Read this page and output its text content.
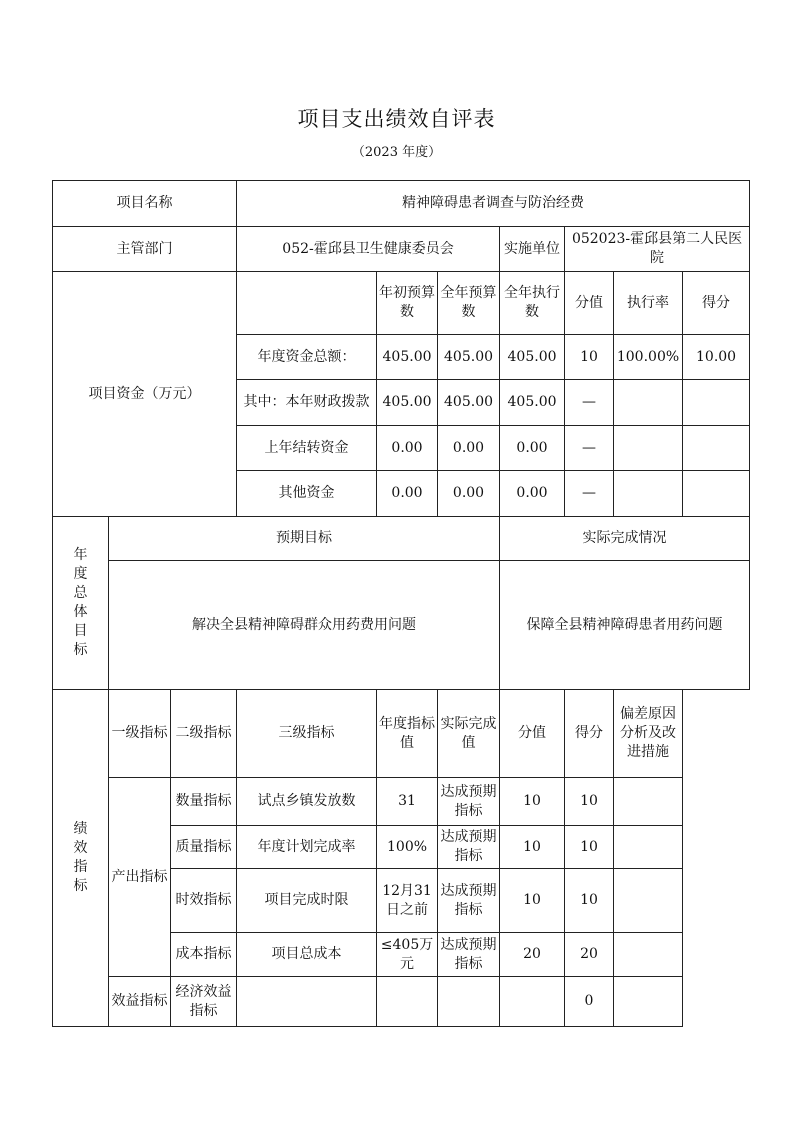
项目支出绩效自评表
（2023 年度）
项目名称			精神障碍患者调查与防治经费						
主管部门			052-霍邱县卫生健康委员会			实施单位	052023-霍邱县第二人民医院		
项目资金（万元）				年初预算数	全年预算数	全年执行数	分值	执行率	得分
			年度资金总额：	405.00	405.00	405.00	10	100.00%	10.00
			其中：本年财政拨款	405.00	405.00	405.00	—		
			上年结转资金	0.00	0.00	0.00	—		
			其他资金	0.00	0.00	0.00	—		
年度总体目标	预期目标					实际完成情况			
	解决全县精神障碍群众用药费用问题					保障全县精神障碍患者用药问题			
绩效指标	一级指标	二级指标	三级指标	年度指标值	实际完成值	分值	得分	偏差原因分析及改进措施	
	产出指标	数量指标	试点乡镇发放数	31	达成预期指标	10	10		
		质量指标	年度计划完成率	100%	达成预期指标	10	10		
		时效指标	项目完成时限	12月31日之前	达成预期指标	10	10		
		成本指标	项目总成本	≤405万元	达成预期指标	20	20		
	效益指标	经济效益指标					0		
